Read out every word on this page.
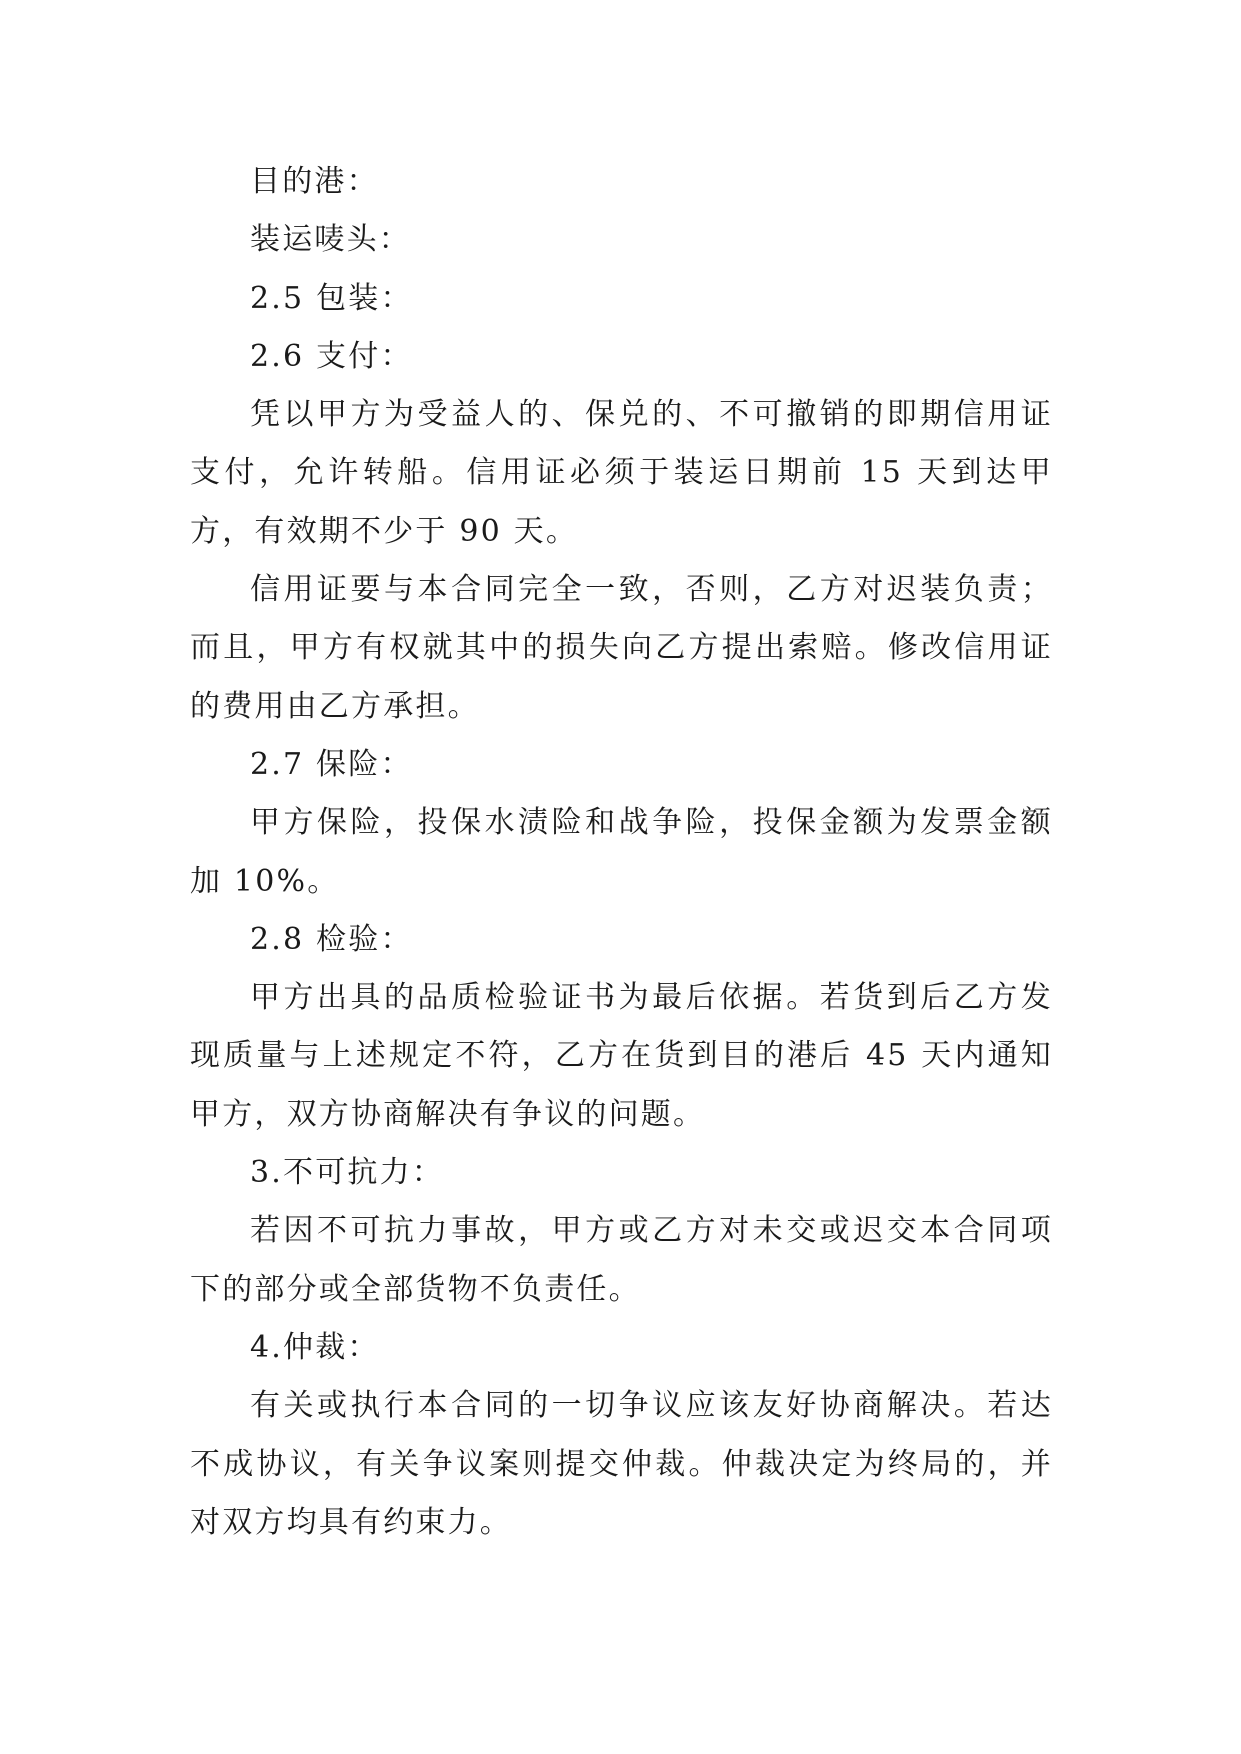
目的港：

装运唛头：

2.5 包装：

2.6 支付：

凭以甲方为受益人的、保兑的、不可撤销的即期信用证支付，允许转船。信用证必须于装运日期前 15 天到达甲方，有效期不少于 90 天。

信用证要与本合同完全一致，否则，乙方对迟装负责；而且，甲方有权就其中的损失向乙方提出索赔。修改信用证的费用由乙方承担。

2.7 保险：

甲方保险，投保水渍险和战争险，投保金额为发票金额加 10%。

2.8 检验：

甲方出具的品质检验证书为最后依据。若货到后乙方发现质量与上述规定不符，乙方在货到目的港后 45 天内通知甲方，双方协商解决有争议的问题。

3.不可抗力：

若因不可抗力事故，甲方或乙方对未交或迟交本合同项下的部分或全部货物不负责任。

4.仲裁：

有关或执行本合同的一切争议应该友好协商解决。若达不成协议，有关争议案则提交仲裁。仲裁决定为终局的，并对双方均具有约束力。
